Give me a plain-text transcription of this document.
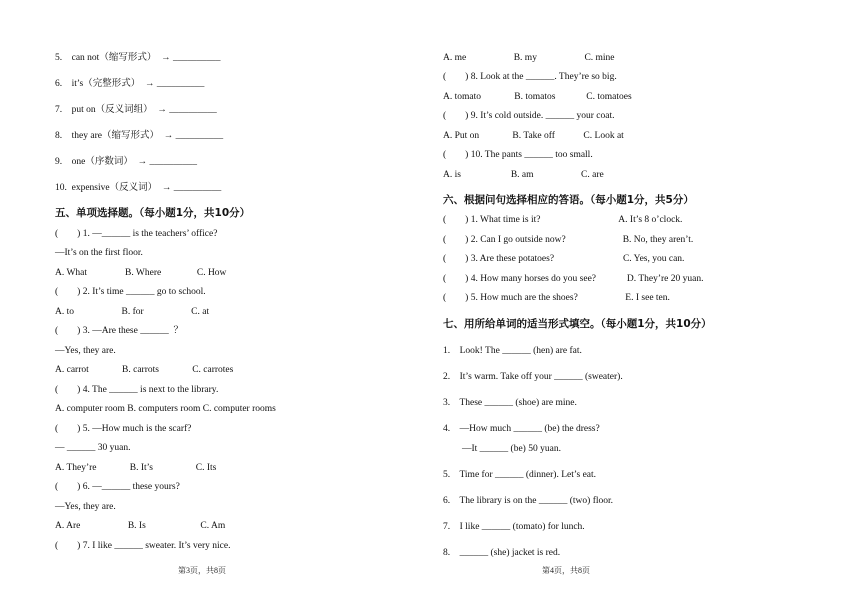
5.    can not（缩写形式）  → __________
6.    it’s（完整形式）  → __________
7.    put on（反义词组）  → __________
8.    they are（缩写形式）  → __________
9.    one（序数词）  → __________
10.  expensive（反义词）  → __________
五、单项选择题。（每小题1分，共10分）
(        ) 1. —______ is the teachers’ office?
—It’s on the first floor.
A. What                B. Where               C. How
(        ) 2. It’s time ______ go to school.
A. to                    B. for                    C. at
(        ) 3. —Are these ______  ？
—Yes, they are.
A. carrot              B. carrots              C. carrotes
(        ) 4. The ______ is next to the library.
A. computer room B. computers room C. computer rooms
(        ) 5. —How much is the scarf?
— ______ 30 yuan.
A. They’re              B. It’s                  C. Its
(        ) 6. —______ these yours?
—Yes, they are.
A. Are                    B. Is                       C. Am
(        ) 7. I like ______ sweater. It’s very nice.
第3页，共8页
A. me                    B. my                    C. mine
(        ) 8. Look at the ______. They’re so big.
A. tomato              B. tomatos             C. tomatoes
(        ) 9. It’s cold outside. ______ your coat.
A. Put on              B. Take off            C. Look at
(        ) 10. The pants ______ too small.
A. is                     B. am                    C. are
六、根据问句选择相应的答语。（每小题1分，共5分）
(        ) 1. What time is it?                                 A. It’s 8 o’clock.
(        ) 2. Can I go outside now?                        B. No, they aren’t.
(        ) 3. Are these potatoes?                             C. Yes, you can.
(        ) 4. How many horses do you see?             D. They’re 20 yuan.
(        ) 5. How much are the shoes?                    E. I see ten.
七、用所给单词的适当形式填空。（每小题1分，共10分）
1.    Look! The ______ (hen) are fat.
2.    It’s warm. Take off your ______ (sweater).
3.    These ______ (shoe) are mine.
4.    —How much ______ (be) the dress?
—It ______ (be) 50 yuan.
5.    Time for ______ (dinner). Let’s eat.
6.    The library is on the ______ (two) floor.
7.    I like ______ (tomato) for lunch.
8.    ______ (she) jacket is red.
第4页，共8页
